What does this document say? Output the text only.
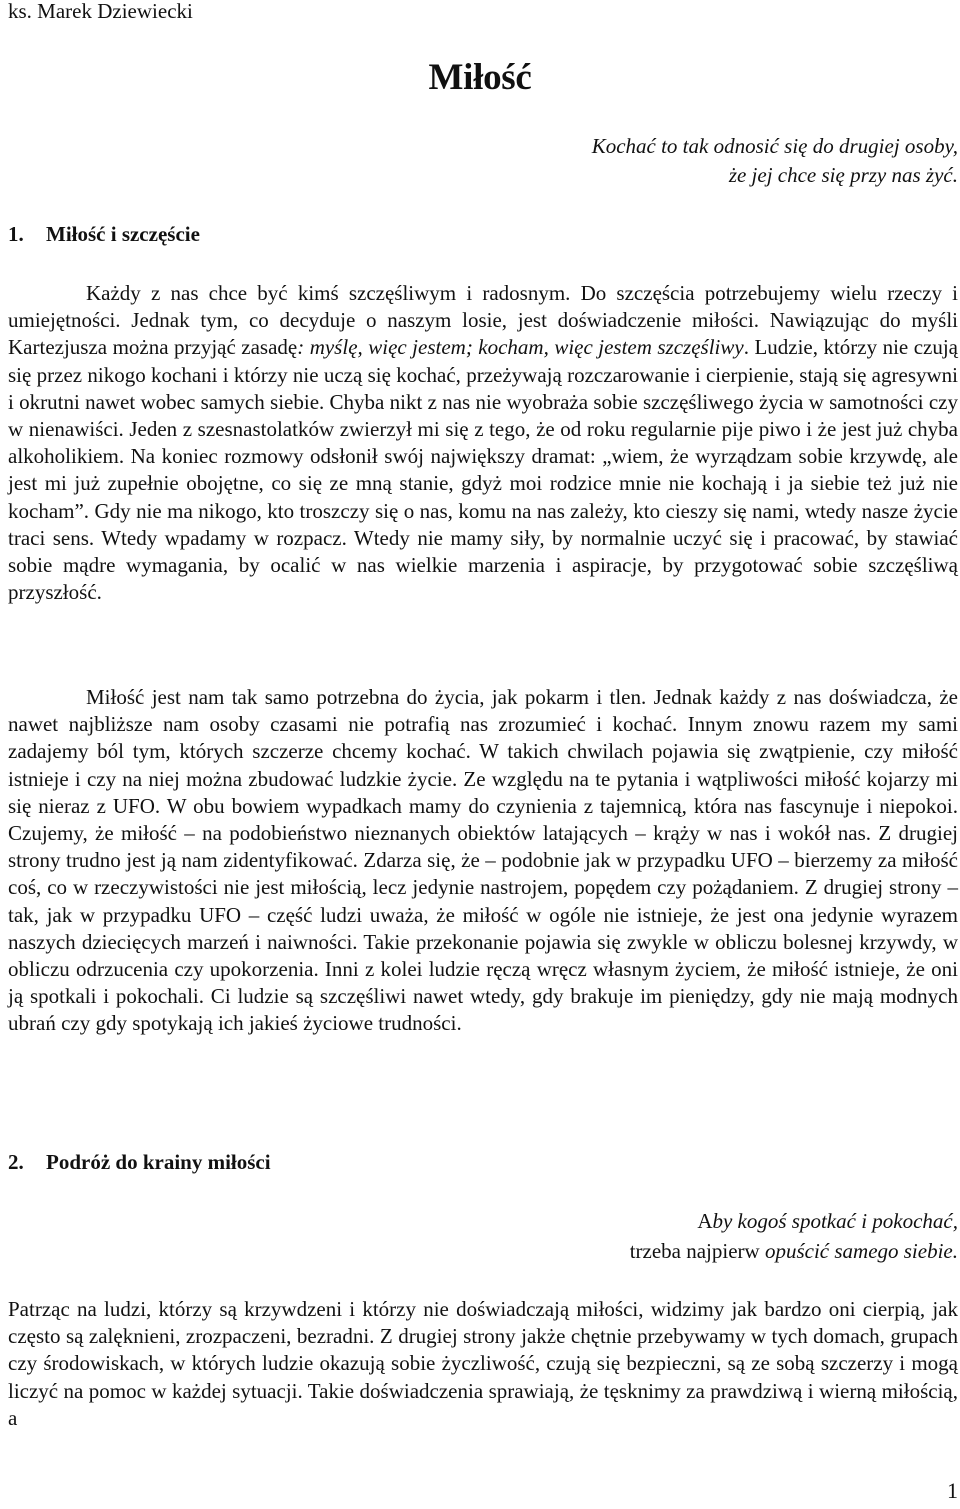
ks. Marek Dziewiecki
Miłość
Kochać to tak odnosić się do drugiej osoby,
że jej chce się przy nas żyć.
1. Miłość i szczęście
Każdy z nas chce być kimś szczęśliwym i radosnym. Do szczęścia potrzebujemy wielu rzeczy i umiejętności. Jednak tym, co decyduje o naszym losie, jest doświadczenie miłości. Nawiązując do myśli Kartezjusza można przyjąć zasadę: myślę, więc jestem; kocham, więc jestem szczęśliwy. Ludzie, którzy nie czują się przez nikogo kochani i którzy nie uczą się kochać, przeżywają rozczarowanie i cierpienie, stają się agresywni i okrutni nawet wobec samych siebie. Chyba nikt z nas nie wyobraża sobie szczęśliwego życia w samotności czy w nienawiści. Jeden z szesnastolatków zwierzył mi się z tego, że od roku regularnie pije piwo i że jest już chyba alkoholikiem. Na koniec rozmowy odsłonił swój największy dramat: „wiem, że wyrządzam sobie krzywdę, ale jest mi już zupełnie obojętne, co się ze mną stanie, gdyż moi rodzice mnie nie kochają i ja siebie też już nie kocham”. Gdy nie ma nikogo, kto troszczy się o nas, komu na nas zależy, kto cieszy się nami, wtedy nasze życie traci sens. Wtedy wpadamy w rozpacz. Wtedy nie mamy siły, by normalnie uczyć się i pracować, by stawiać sobie mądre wymagania, by ocalić w nas wielkie marzenia i aspiracje, by przygotować sobie szczęśliwą przyszłość.
Miłość jest nam tak samo potrzebna do życia, jak pokarm i tlen. Jednak każdy z nas doświadcza, że nawet najbliższe nam osoby czasami nie potrafią nas zrozumieć i kochać. Innym znowu razem my sami zadajemy ból tym, których szczerze chcemy kochać. W takich chwilach pojawia się zwątpienie, czy miłość istnieje i czy na niej można zbudować ludzkie życie. Ze względu na te pytania i wątpliwości miłość kojarzy mi się nieraz z UFO. W obu bowiem wypadkach mamy do czynienia z tajemnicą, która nas fascynuje i niepokoi. Czujemy, że miłość – na podobieństwo nieznanych obiektów latających – krąży w nas i wokół nas. Z drugiej strony trudno jest ją nam zidentyfikować. Zdarza się, że – podobnie jak w przypadku UFO – bierzemy za miłość coś, co w rzeczywistości nie jest miłością, lecz jedynie nastrojem, popędem czy pożądaniem. Z drugiej strony – tak, jak w przypadku UFO – część ludzi uważa, że miłość w ogóle nie istnieje, że jest ona jedynie wyrazem naszych dziecięcych marzeń i naiwności. Takie przekonanie pojawia się zwykle w obliczu bolesnej krzywdy, w obliczu odrzucenia czy upokorzenia. Inni z kolei ludzie ręczą wręcz własnym życiem, że miłość istnieje, że oni ją spotkali i pokochali. Ci ludzie są szczęśliwi nawet wtedy, gdy brakuje im pieniędzy, gdy nie mają modnych ubrań czy gdy spotykają ich jakieś życiowe trudności.
2. Podróż do krainy miłości
Aby kogoś spotkać i pokochać,
trzeba najpierw opuścić samego siebie.
Patrząc na ludzi, którzy są krzywdzeni i którzy nie doświadczają miłości, widzimy jak bardzo oni cierpią, jak często są zalęknieni, zrozpaczeni, bezradni. Z drugiej strony jakże chętnie przebywamy w tych domach, grupach czy środowiskach, w których ludzie okazują sobie życzliwość, czują się bezpieczni, są ze sobą szczerzy i mogą liczyć na pomoc w każdej sytuacji. Takie doświadczenia sprawiają, że tęsknimy za prawdziwą i wierną miłością, a
1
